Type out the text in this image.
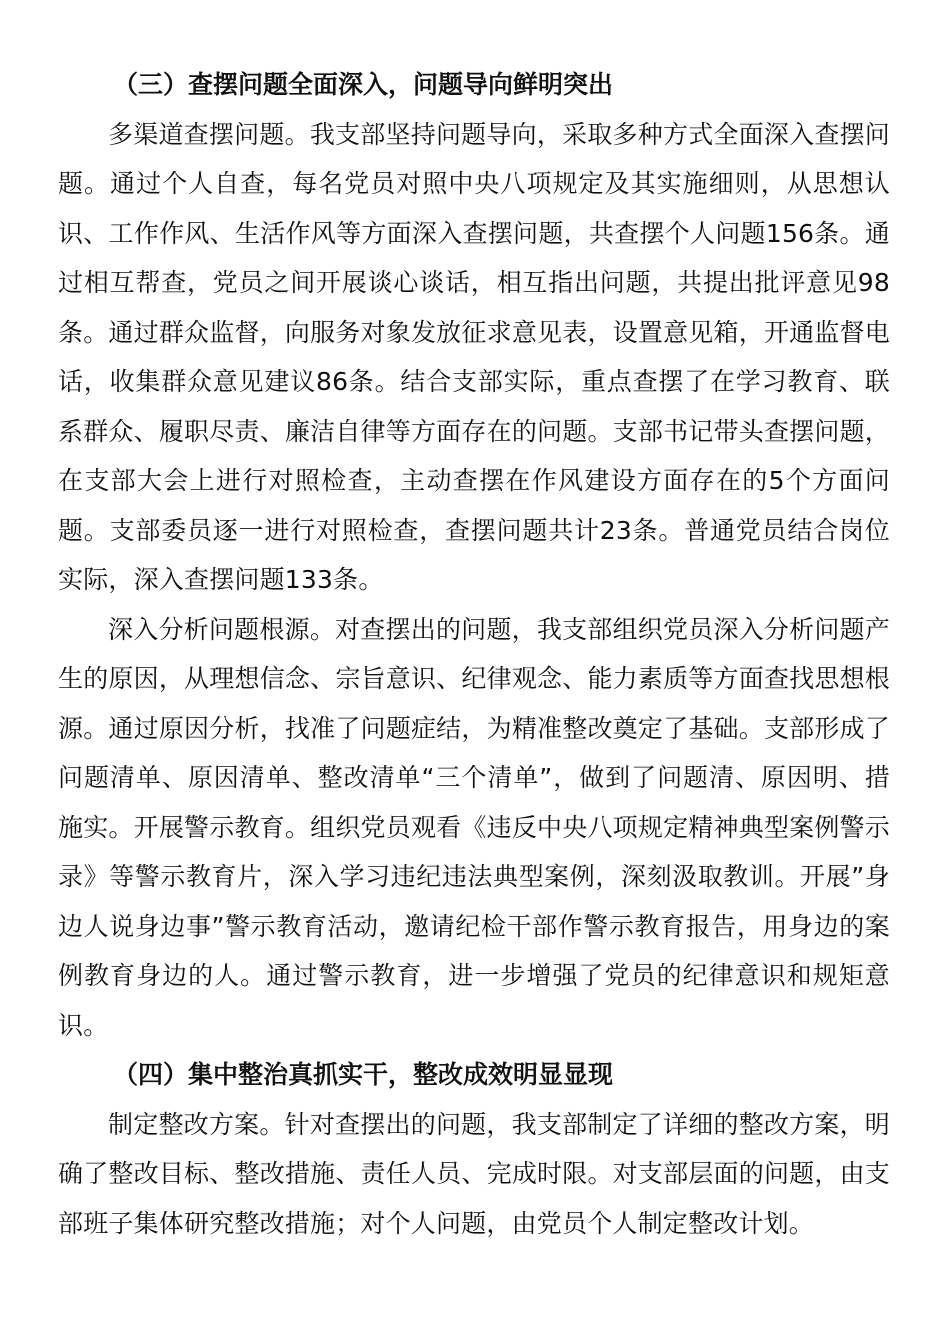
（三）查摆问题全面深入，问题导向鲜明突出

多渠道查摆问题。我支部坚持问题导向，采取多种方式全面深入查摆问题。通过个人自查，每名党员对照中央八项规定及其实施细则，从思想认识、工作作风、生活作风等方面深入查摆问题，共查摆个人问题156条。通过相互帮查，党员之间开展谈心谈话，相互指出问题，共提出批评意见98条。通过群众监督，向服务对象发放征求意见表，设置意见箱，开通监督电话，收集群众意见建议86条。结合支部实际，重点查摆了在学习教育、联系群众、履职尽责、廉洁自律等方面存在的问题。支部书记带头查摆问题，在支部大会上进行对照检查，主动查摆在作风建设方面存在的5个方面问题。支部委员逐一进行对照检查，查摆问题共计23条。普通党员结合岗位实际，深入查摆问题133条。

深入分析问题根源。对查摆出的问题，我支部组织党员深入分析问题产生的原因，从理想信念、宗旨意识、纪律观念、能力素质等方面查找思想根源。通过原因分析，找准了问题症结，为精准整改奠定了基础。支部形成了问题清单、原因清单、整改清单“三个清单”，做到了问题清、原因明、措施实。开展警示教育。组织党员观看《违反中央八项规定精神典型案例警示录》等警示教育片，深入学习违纪违法典型案例，深刻汲取教训。开展”身边人说身边事”警示教育活动，邀请纪检干部作警示教育报告，用身边的案例教育身边的人。通过警示教育，进一步增强了党员的纪律意识和规矩意识。

（四）集中整治真抓实干，整改成效明显显现

制定整改方案。针对查摆出的问题，我支部制定了详细的整改方案，明确了整改目标、整改措施、责任人员、完成时限。对支部层面的问题，由支部班子集体研究整改措施；对个人问题，由党员个人制定整改计划。
